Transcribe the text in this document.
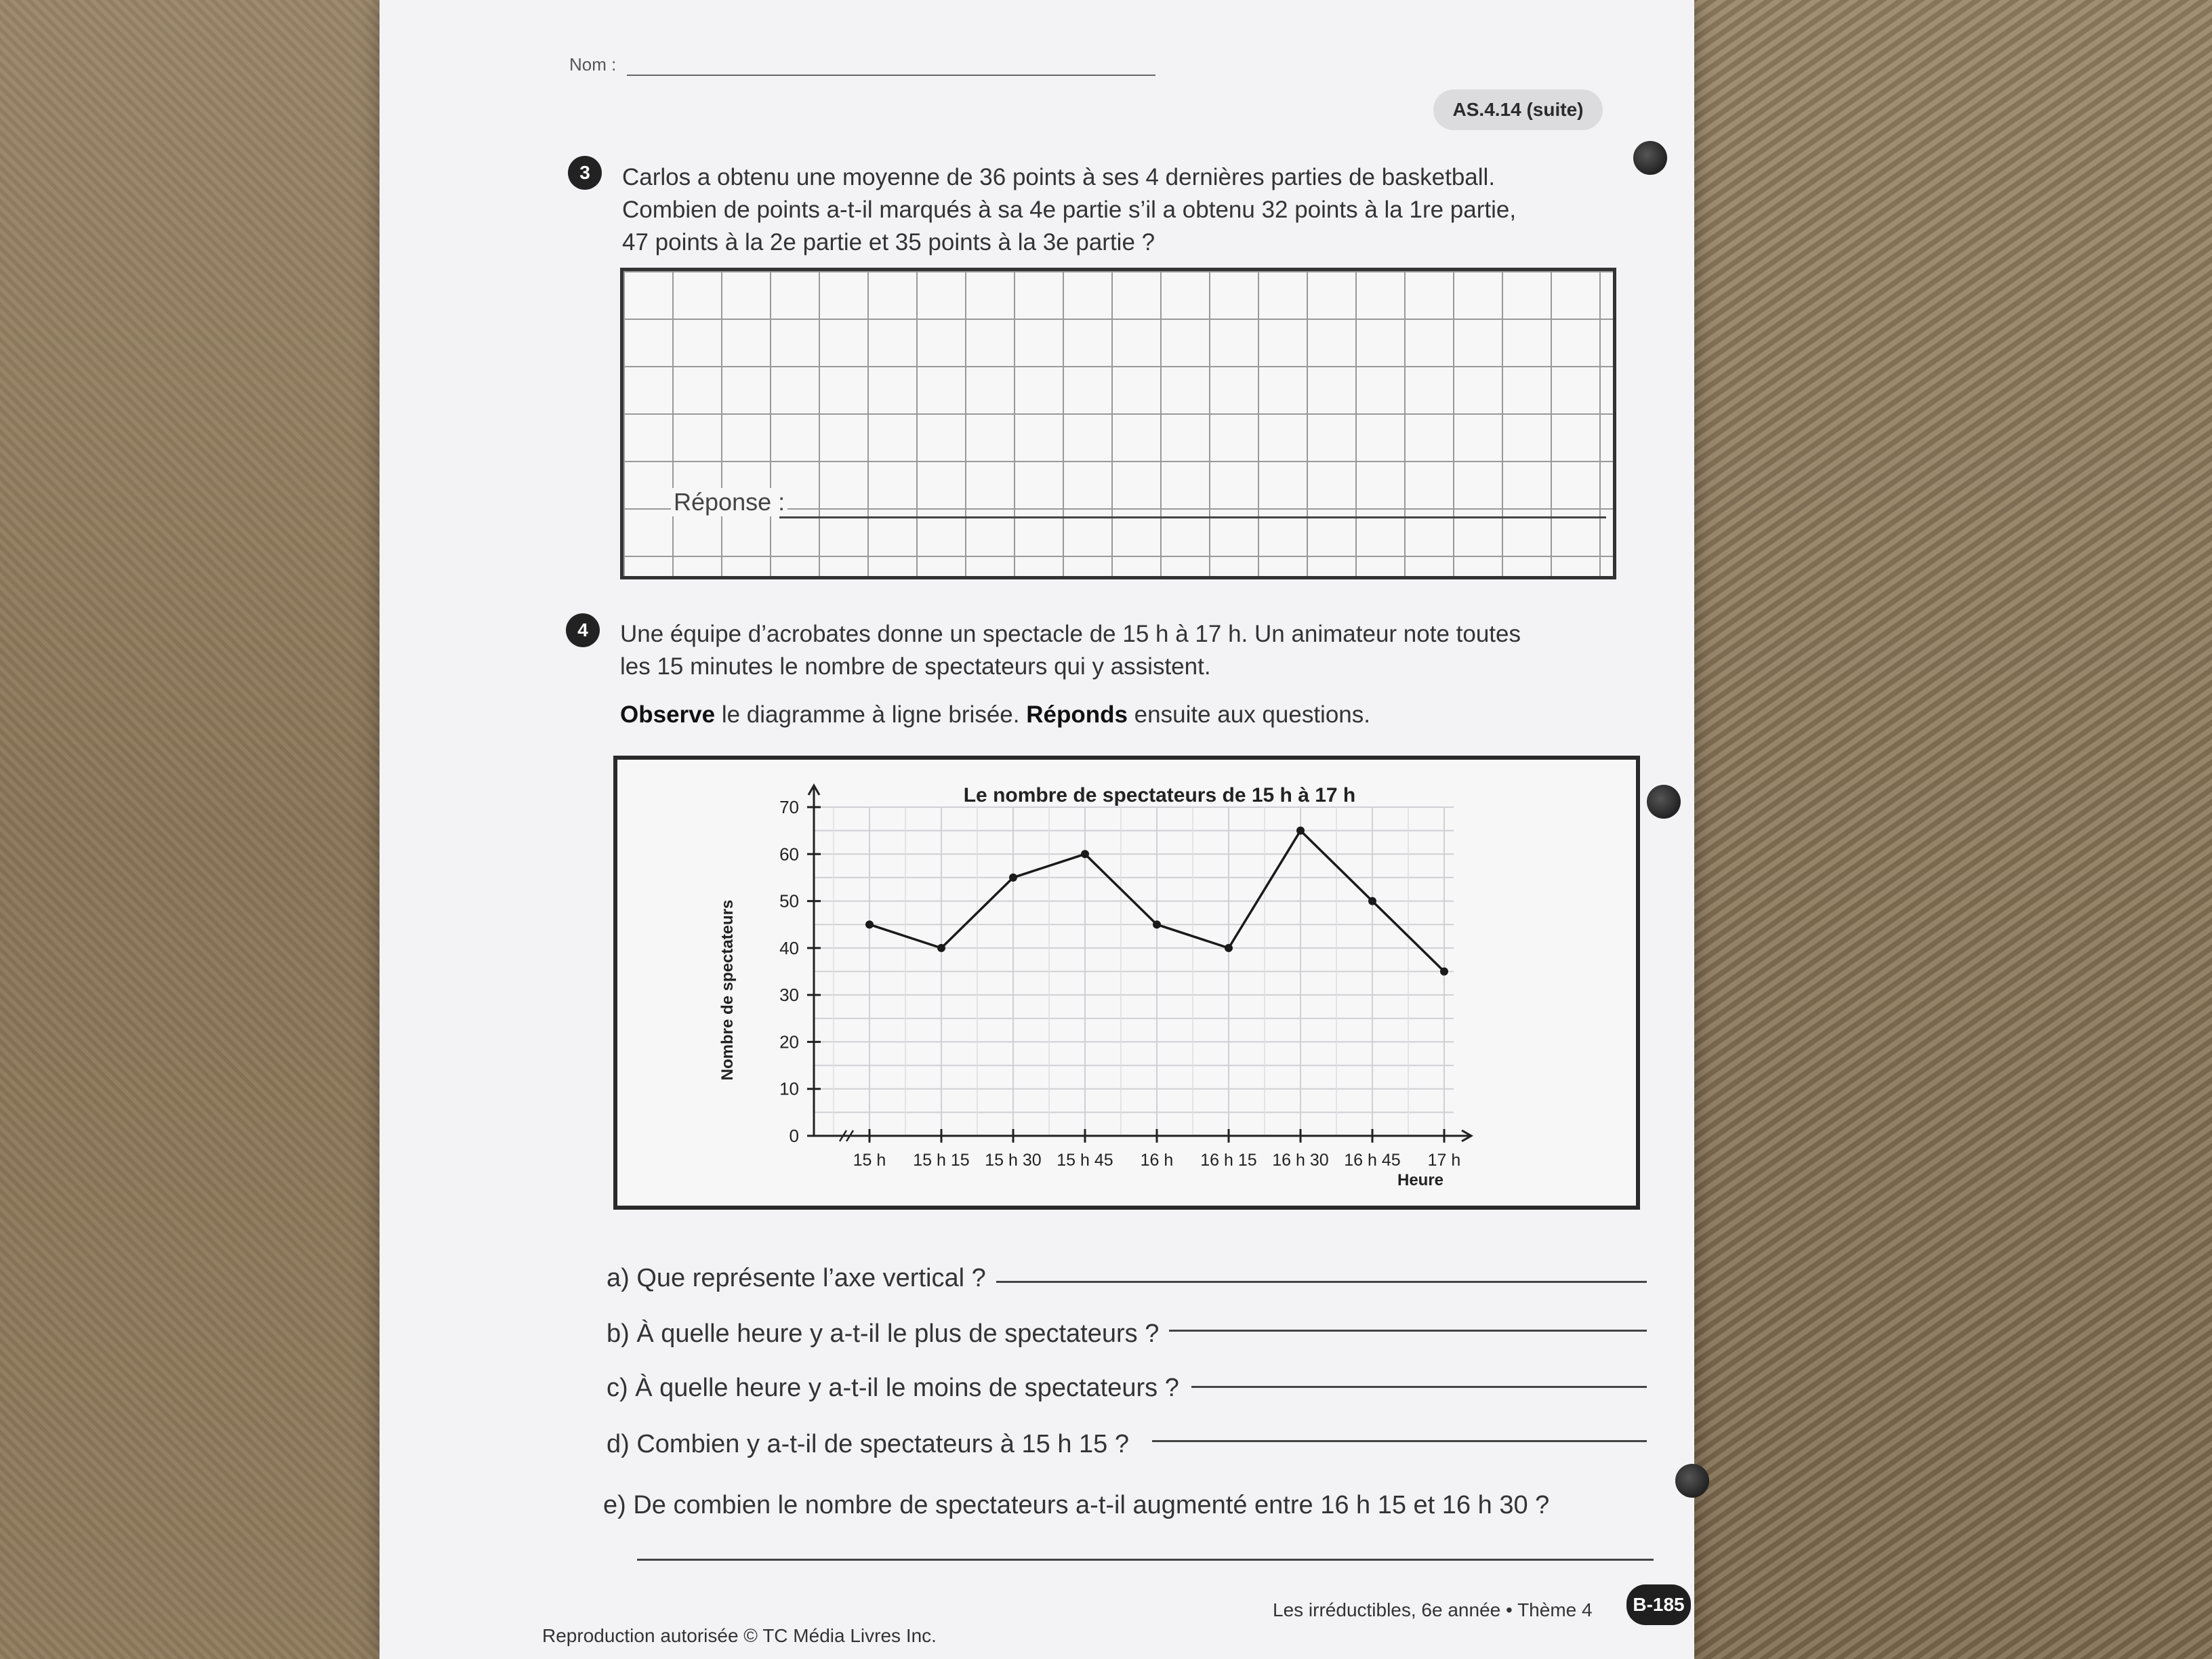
Nom :
AS.4.14 (suite)
3	Carlos a obtenu une moyenne de 36 points à ses 4 dernières parties de basketball.
Combien de points a-t-il marqués à sa 4e partie s’il a obtenu 32 points à la 1re partie,
47 points à la 2e partie et 35 points à la 3e partie ?
Réponse :
4	Une équipe d’acrobates donne un spectacle de 15 h à 17 h. Un animateur note toutes
les 15 minutes le nombre de spectateurs qui y assistent.
Observe le diagramme à ligne brisée. Réponds ensuite aux questions.
Le nombre de spectateurs de 15 h à 17 h
Nombre de spectateurs
Heure
0
10
20
30
40
50
60
70
15 h 15 h 15 15 h 30 15 h 45 16 h 16 h 15 16 h 30 16 h 45 17 h
a) Que représente l’axe vertical ?
b) À quelle heure y a-t-il le plus de spectateurs ?
c) À quelle heure y a-t-il le moins de spectateurs ?
d) Combien y a-t-il de spectateurs à 15 h 15 ?
e) De combien le nombre de spectateurs a-t-il augmenté entre 16 h 15 et 16 h 30 ?
Reproduction autorisée © TC Média Livres Inc.
Les irréductibles, 6e année • Thème 4	B-185
